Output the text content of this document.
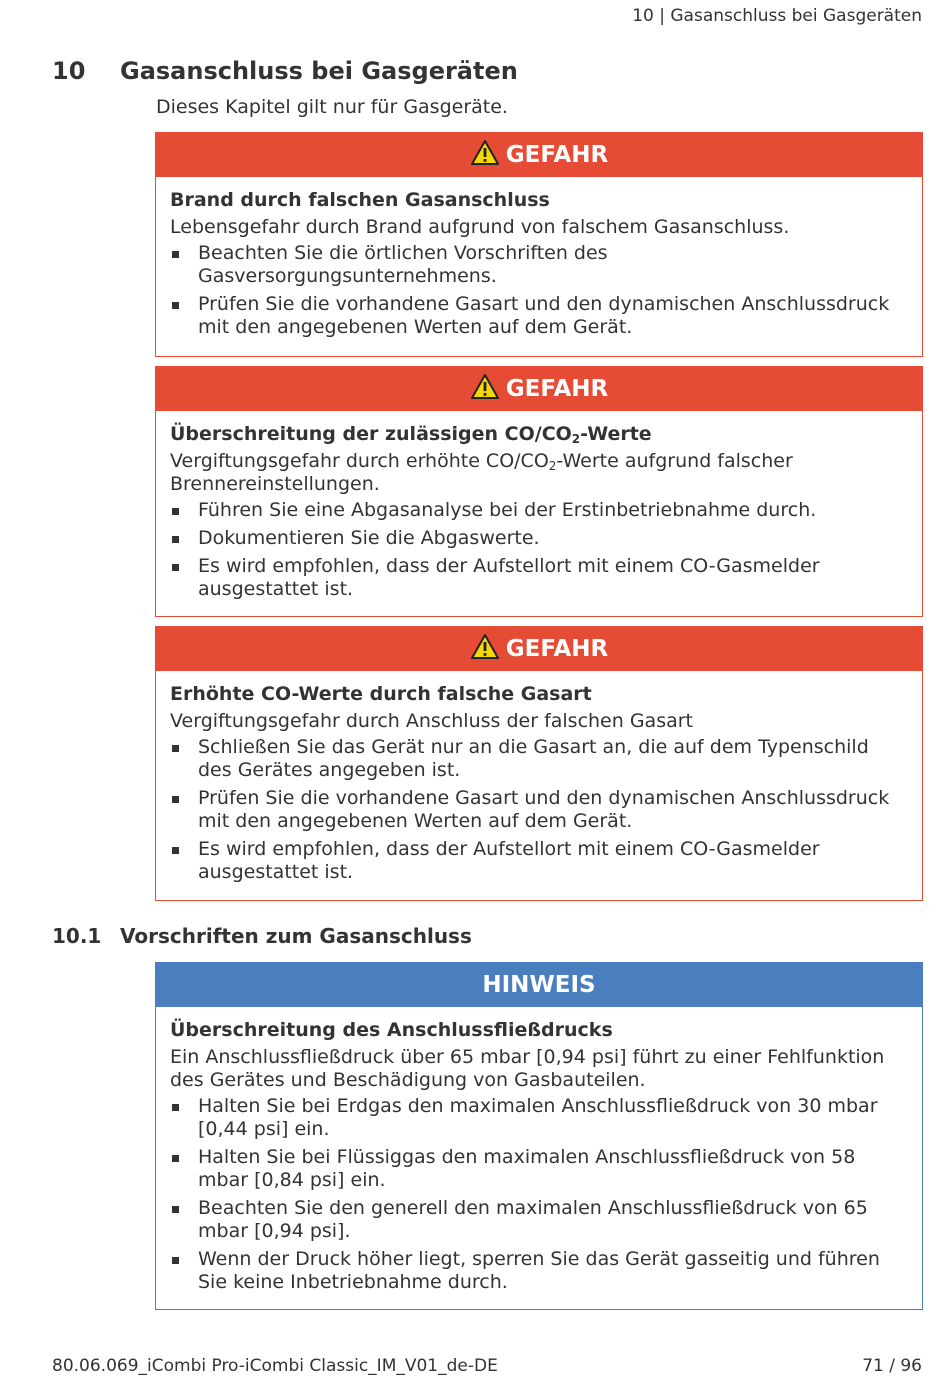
10 | Gasanschluss bei Gasgeräten
10 Gasanschluss bei Gasgeräten

Dieses Kapitel gilt nur für Gasgeräte.

GEFAHR
Brand durch falschen Gasanschluss
Lebensgefahr durch Brand aufgrund von falschem Gasanschluss.
Beachten Sie die örtlichen Vorschriften des Gasversorgungsunternehmens.
Prüfen Sie die vorhandene Gasart und den dynamischen Anschlussdruck mit den angegebenen Werten auf dem Gerät.
GEFAHR
Überschreitung der zulässigen $CO/CO_2$-Werte
Vergiftungsgefahr durch erhöhte $CO/CO_2$-Werte aufgrund falscher Brennereinstellungen.
Führen Sie eine Abgasanalyse bei der Erstinbetriebnahme durch.
Dokumentieren Sie die Abgaswerte.
Es wird empfohlen, dass der Aufstellort mit einem CO-Gasmelder ausgestattet ist.
GEFAHR
Erhöhte CO-Werte durch falsche Gasart
Vergiftungsgefahr durch Anschluss der falschen Gasart
Schließen Sie das Gerät nur an die Gasart an, die auf dem Typenschild des Gerätes angegeben ist.
Prüfen Sie die vorhandene Gasart und den dynamischen Anschlussdruck mit den angegebenen Werten auf dem Gerät.
Es wird empfohlen, dass der Aufstellort mit einem CO-Gasmelder ausgestattet ist.
10.1 Vorschriften zum Gasanschluss
HINWEIS
Überschreitung des Anschlussfließdrucks
Ein Anschlussfließdruck über 65 mbar [0,94 psi] führt zu einer Fehlfunktion des Gerätes und Beschädigung von Gasbauteilen.
Halten Sie bei Erdgas den maximalen Anschlussfließdruck von 30 mbar [0,44 psi] ein.
Halten Sie bei Flüssiggas den maximalen Anschlussfließdruck von 58 mbar [0,84 psi] ein.
Beachten Sie den generell den maximalen Anschlussfließdruck von 65 mbar [0,94 psi].
Wenn der Druck höher liegt, sperren Sie das Gerät gasseitig und führen Sie keine Inbetriebnahme durch.
80.06.069_iCombi Pro-iCombi Classic_IM_V01_de-DE	71 / 96
